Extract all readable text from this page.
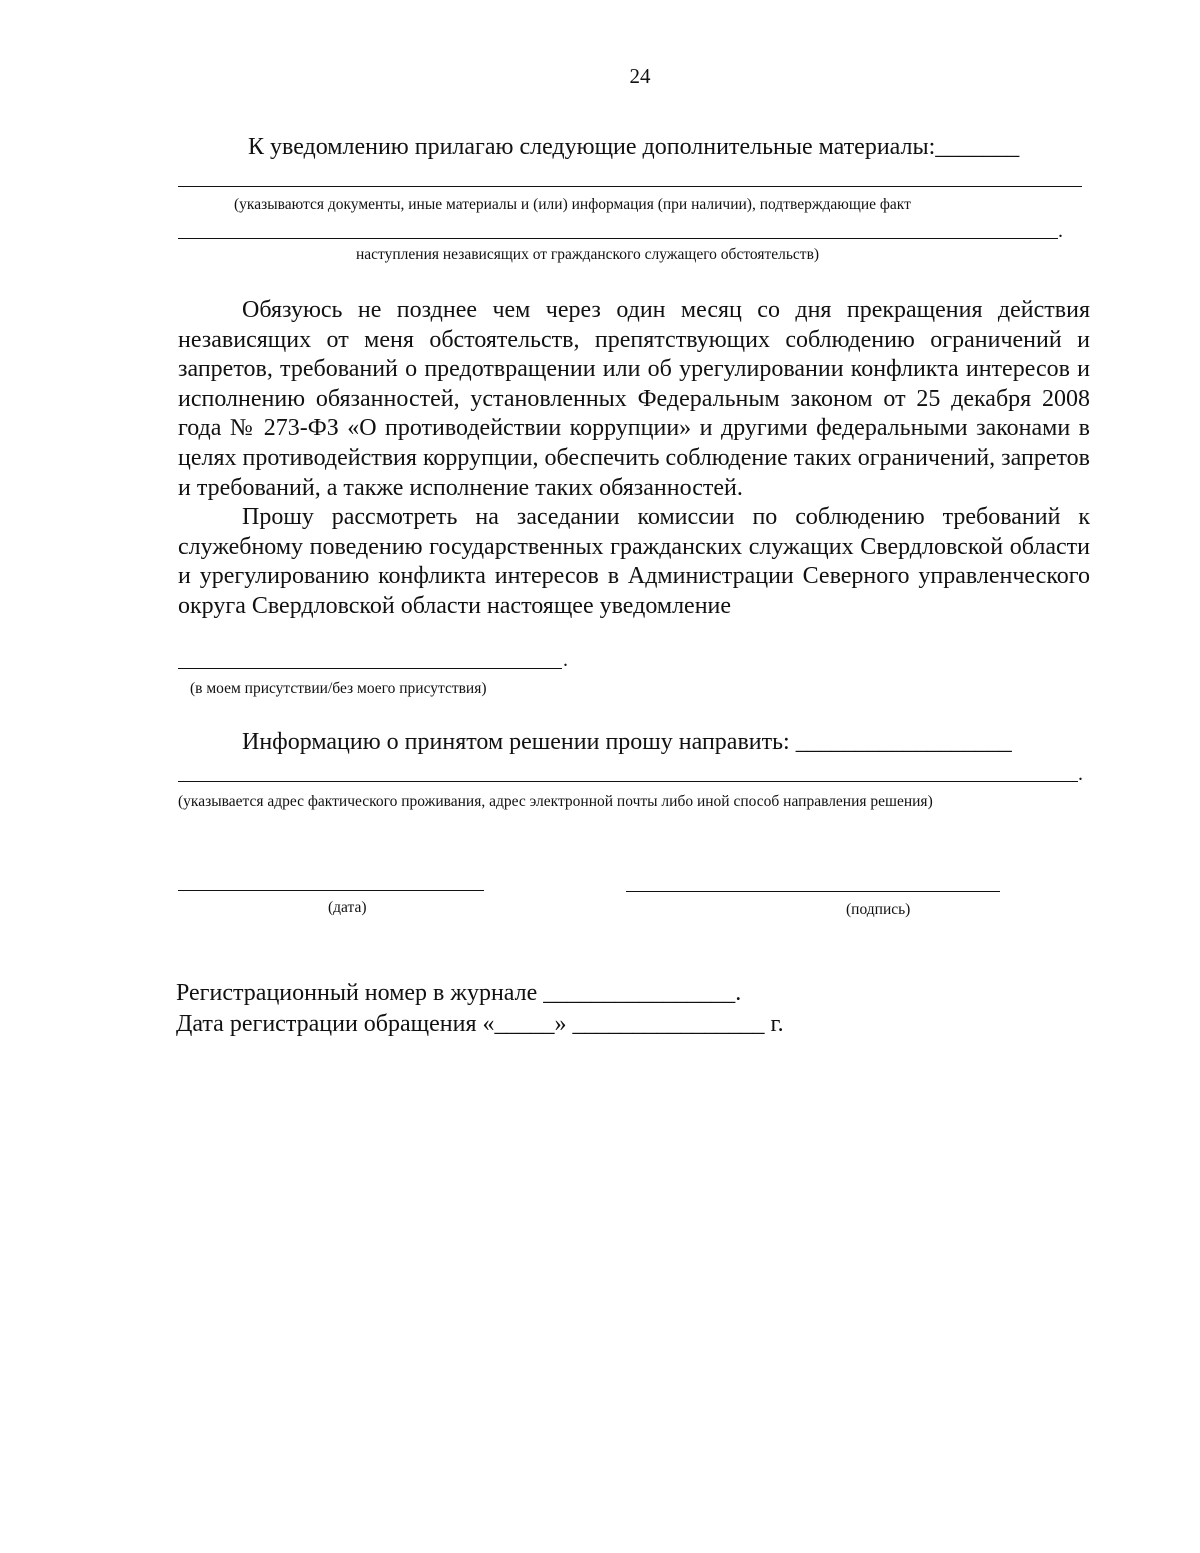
24
К уведомлению прилагаю следующие дополнительные материалы:_______
(указываются документы, иные материалы и (или) информация (при наличии), подтверждающие факт
.
наступления независящих от гражданского служащего обстоятельств)

Обязуюсь не позднее чем через один месяц со дня прекращения действия независящих от меня обстоятельств, препятствующих соблюдению ограничений и запретов, требований о предотвращении или об урегулировании конфликта интересов и исполнению обязанностей, установленных Федеральным законом от 25 декабря 2008 года № 273-ФЗ «О противодействии коррупции» и другими федеральными законами в целях противодействия коррупции, обеспечить соблюдение таких ограничений, запретов и требований, а также исполнение таких обязанностей.

Прошу рассмотреть на заседании комиссии по соблюдению требований к служебному поведению государственных гражданских служащих Свердловской области и урегулированию конфликта интересов в Администрации Северного управленческого округа Свердловской области настоящее уведомление

.
(в моем присутствии/без моего присутствия)
Информацию о принятом решении прошу направить: __________________
.
(указывается адрес фактического проживания, адрес электронной почты либо иной способ направления решения)
(дата)	(подпись)
Регистрационный номер в журнале ________________.
Дата регистрации обращения «_____» ________________ г.
